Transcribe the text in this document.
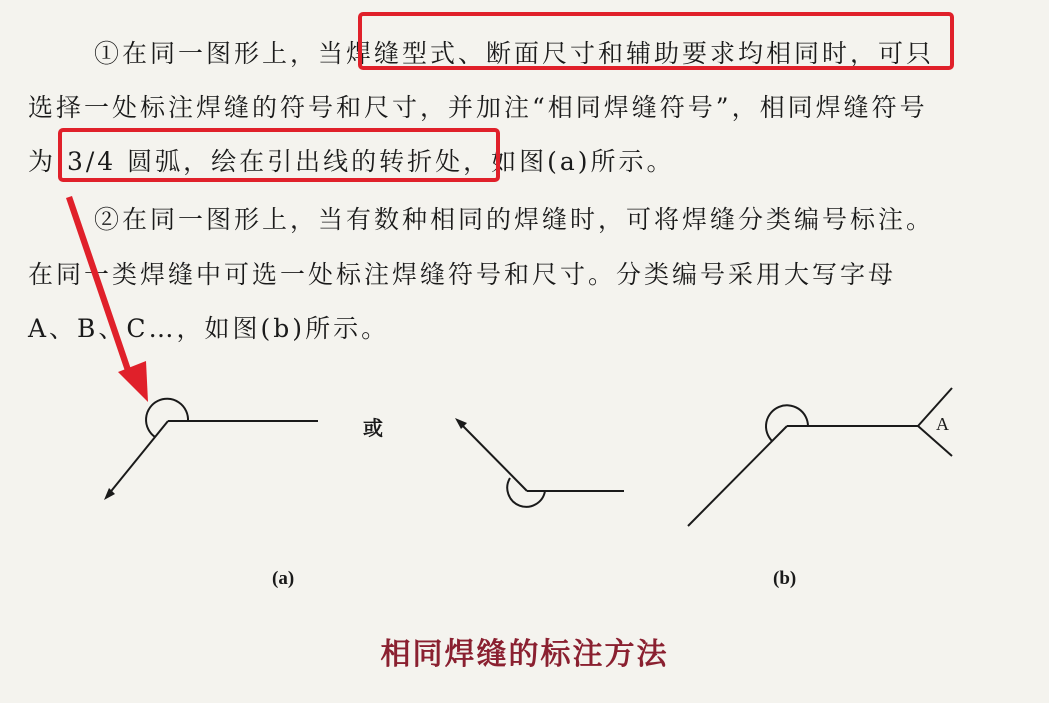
①在同一图形上，当焊缝型式、断面尺寸和辅助要求均相同时，可只
选择一处标注焊缝的符号和尺寸，并加注“相同焊缝符号”，相同焊缝符号
为 3/4 圆弧，绘在引出线的转折处，如图(a)所示。
②在同一图形上，当有数种相同的焊缝时，可将焊缝分类编号标注。
在同一类焊缝中可选一处标注焊缝符号和尺寸。分类编号采用大写字母
A、B、C…，如图(b)所示。
或	A
(a)	(b)
相同焊缝的标注方法
